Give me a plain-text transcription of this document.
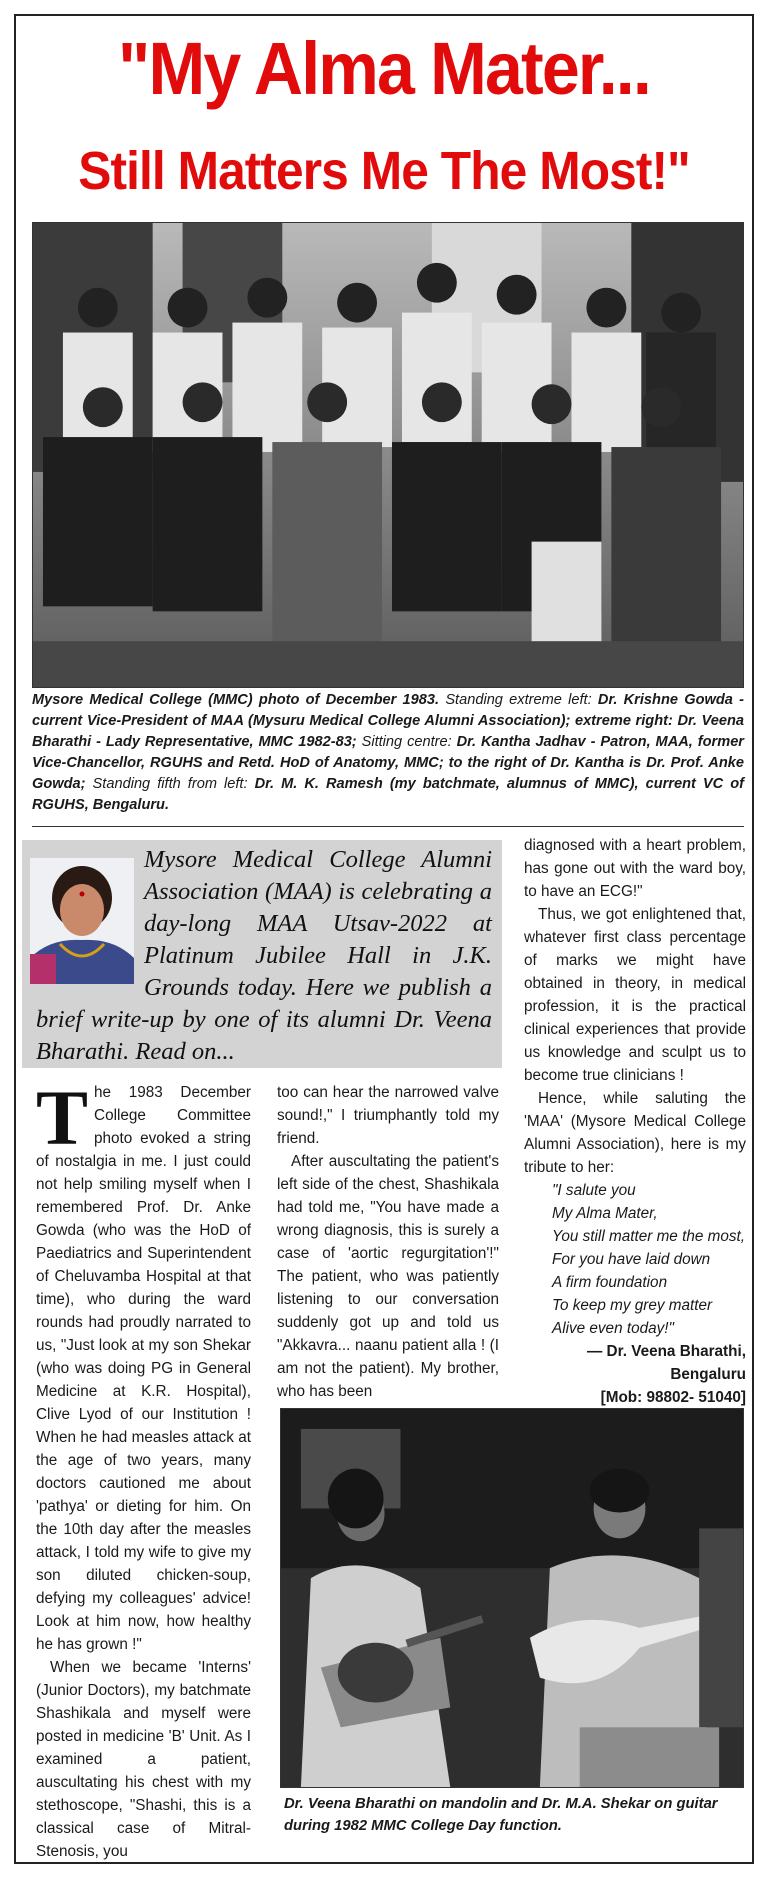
"My Alma Mater...
Still Matters Me The Most!"
Mysore Medical College (MMC) photo of December 1983. Standing extreme left: Dr. Krishne Gowda - current Vice-President of MAA (Mysuru Medical College Alumni Association); extreme right: Dr. Veena Bharathi - Lady Representative, MMC 1982-83; Sitting centre: Dr. Kantha Jadhav - Patron, MAA, former Vice-Chancellor, RGUHS and Retd. HoD of Anatomy, MMC; to the right of Dr. Kantha is Dr. Prof. Anke Gowda; Standing fifth from left: Dr. M. K. Ramesh (my batchmate, alumnus of MMC), current VC of RGUHS, Bengaluru.
Mysore Medical College Alumni Association (MAA) is celebrating a day-long MAA Utsav-2022 at Platinum Jubilee Hall in J.K. Grounds today. Here we publish a brief write-up by one of its alumni Dr. Veena Bharathi. Read on...

The 1983 December College Committee photo evoked a string of nostalgia in me. I just could not help smiling myself when I remembered Prof. Dr. Anke Gowda (who was the HoD of Paediatrics and Superintendent of Cheluvamba Hospital at that time), who during the ward rounds had proudly narrated to us, "Just look at my son Shekar (who was doing PG in General Medicine at K.R. Hospital), Clive Lyod of our Institution ! When he had measles attack at the age of two years, many doctors cautioned me about 'pathya' or dieting for him. On the 10th day after the measles attack, I told my wife to give my son diluted chicken-soup, defying my colleagues' advice! Look at him now, how healthy he has grown !"

When we became 'Interns' (Junior Doctors), my batchmate Shashikala and myself were posted in medicine 'B' Unit. As I examined a patient, auscultating his chest with my stethoscope, "Shashi, this is a classical case of Mitral-Stenosis, you

too can hear the narrowed valve sound!," I triumphantly told my friend.

After auscultating the patient's left side of the chest, Shashikala had told me, "You have made a wrong diagnosis, this is surely a case of 'aortic regurgitation'!" The patient, who was patiently listening to our conversation suddenly got up and told us "Akkavra... naanu patient alla ! (I am not the patient). My brother, who has been

diagnosed with a heart problem, has gone out with the ward boy, to have an ECG!"

Thus, we got enlightened that, whatever first class percentage of marks we might have obtained in theory, in medical profession, it is the practical clinical experiences that provide us knowledge and sculpt us to become true clinicians !

Hence, while saluting the 'MAA' (Mysore Medical College Alumni Association), here is my tribute to her:

"I salute you

My Alma Mater,

You still matter me the most,

For you have laid down

A firm foundation

To keep my grey matter

Alive even today!"

— Dr. Veena Bharathi,

Bengaluru

[Mob: 98802- 51040]

Dr. Veena Bharathi on mandolin and Dr. M.A. Shekar on guitar during 1982 MMC College Day function.
